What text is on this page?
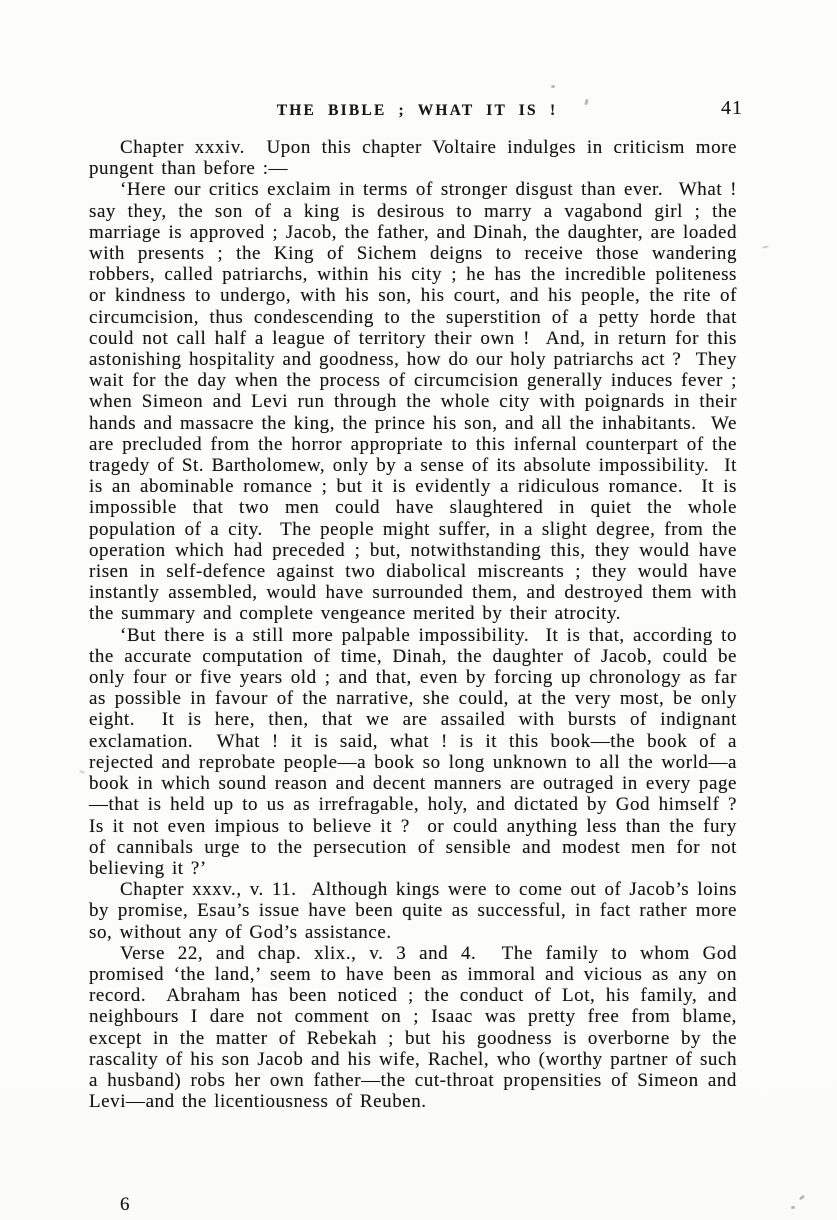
THE BIBLE ; WHAT IT IS !	41

Chapter xxxiv.  Upon this chapter Voltaire indulges in criticism more pungent than before :—

‘Here our critics exclaim in terms of stronger disgust than ever.  What ! say they, the son of a king is desirous to marry a vagabond girl ; the marriage is approved ; Jacob, the father, and Dinah, the daughter, are loaded with presents ; the King of Sichem deigns to receive those wandering robbers, called patriarchs, within his city ; he has the incredible politeness or kindness to undergo, with his son, his court, and his people, the rite of circumcision, thus condescending to the superstition of a petty horde that could not call half a league of territory their own !  And, in return for this astonishing hospitality and goodness, how do our holy patriarchs act ?  They wait for the day when the process of circumcision generally induces fever ; when Simeon and Levi run through the whole city with poignards in their hands and massacre the king, the prince his son, and all the inhabitants.  We are precluded from the horror appropriate to this infernal counterpart of the tragedy of St. Bartholomew, only by a sense of its absolute impossibility.  It is an abominable romance ; but it is evidently a ridiculous romance.  It is impossible that two men could have slaughtered in quiet the whole population of a city.  The people might suffer, in a slight degree, from the operation which had preceded ; but, notwithstanding this, they would have risen in self-defence against two diabolical miscreants ; they would have instantly assembled, would have surrounded them, and destroyed them with the summary and complete vengeance merited by their atrocity.

‘But there is a still more palpable impossibility.  It is that, according to the accurate computation of time, Dinah, the daughter of Jacob, could be only four or five years old ; and that, even by forcing up chronology as far as possible in favour of the narrative, she could, at the very most, be only eight.  It is here, then, that we are assailed with bursts of indignant exclamation.  What ! it is said, what ! is it this book—the book of a rejected and reprobate people—a book so long unknown to all the world—a book in which sound reason and decent manners are outraged in every page—that is held up to us as irrefragable, holy, and dictated by God himself ?  Is it not even impious to believe it ?  or could anything less than the fury of cannibals urge to the persecution of sensible and modest men for not believing it ?’

Chapter xxxv., v. 11.  Although kings were to come out of Jacob’s loins by promise, Esau’s issue have been quite as successful, in fact rather more so, without any of God’s assistance.

Verse 22, and chap. xlix., v. 3 and 4.  The family to whom God promised ‘the land,’ seem to have been as immoral and vicious as any on record.  Abraham has been noticed ; the conduct of Lot, his family, and neighbours I dare not comment on ; Isaac was pretty free from blame, except in the matter of Rebekah ; but his goodness is overborne by the rascality of his son Jacob and his wife, Rachel, who (worthy partner of such a husband) robs her own father—the cut-throat propensities of Simeon and Levi—and the licentiousness of Reuben.

6
